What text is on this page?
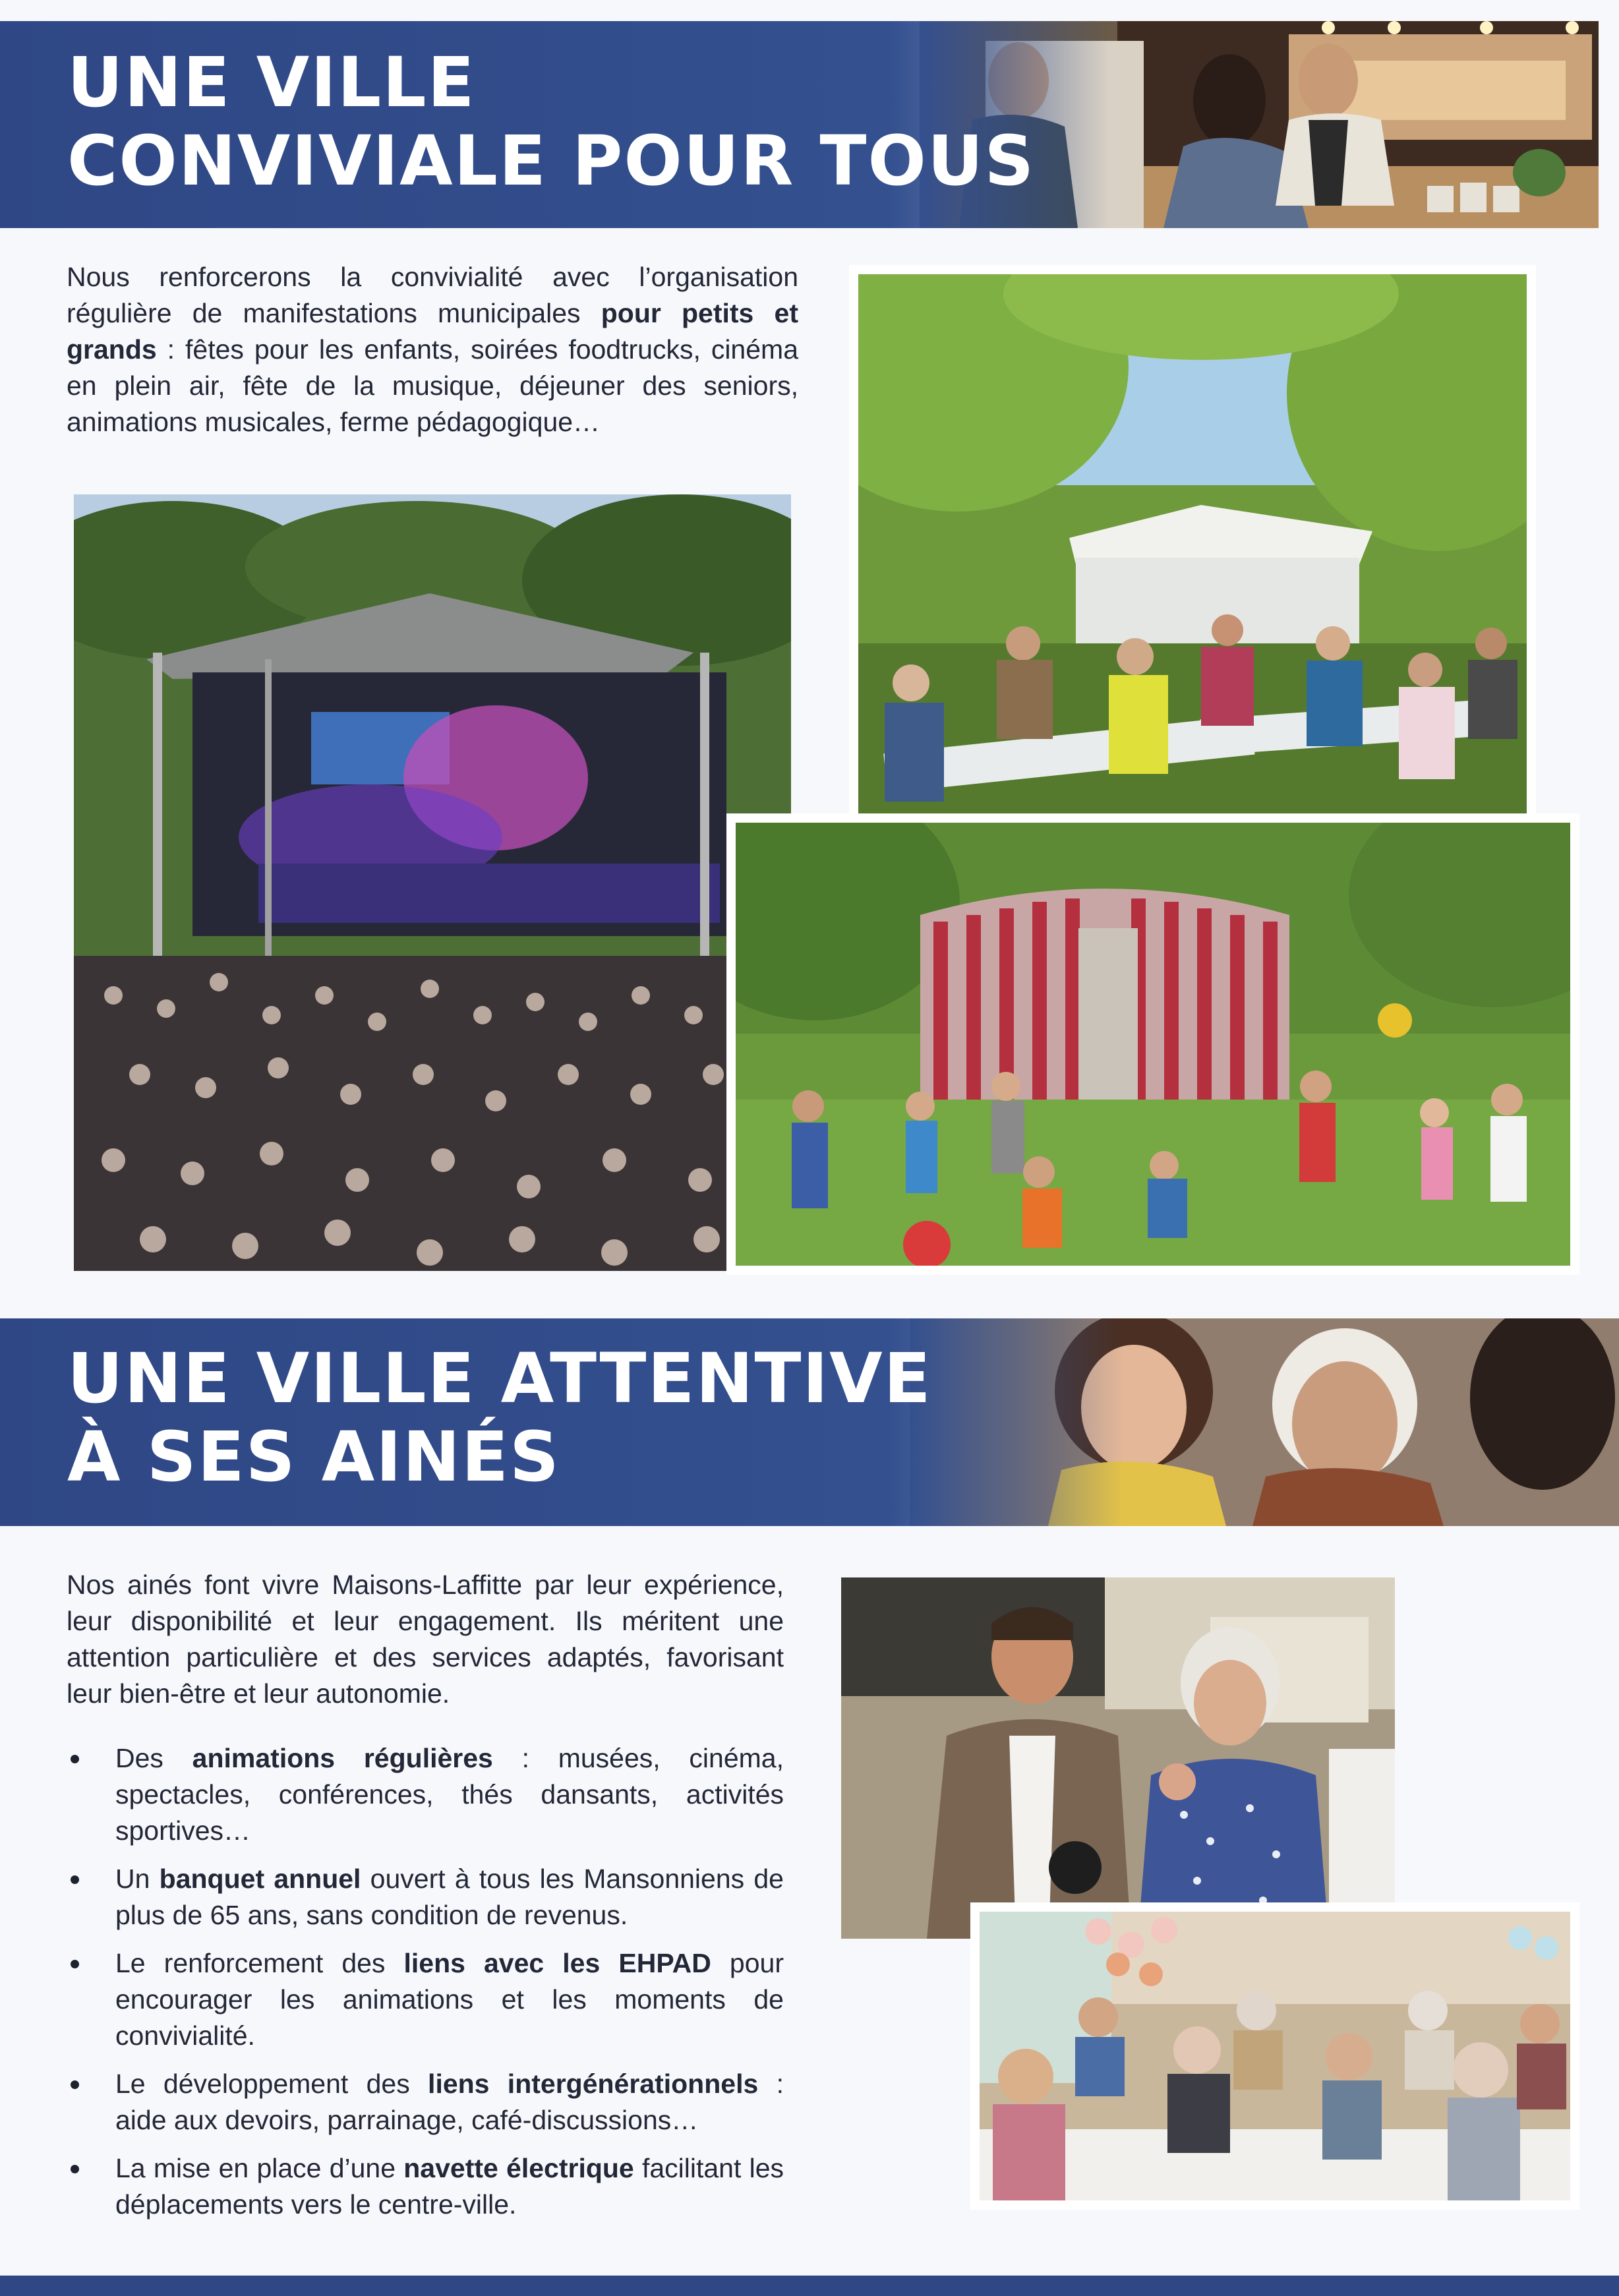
UNE VILLE
CONVIVIALE POUR TOUS

Nous renforcerons la convivialité avec l’organisation régulière de manifestations municipales pour petits et grands : fêtes pour les enfants, soirées foodtrucks, cinéma en plein air, fête de la musique, déjeuner des seniors, animations musicales, ferme pédagogique…

UNE VILLE ATTENTIVE
À SES AINÉS

Nos ainés font vivre Maisons-Laffitte par leur expérience, leur disponibilité et leur engagement. Ils méritent une attention particulière et des services adaptés, favorisant leur bien-être et leur autonomie.

Des animations régulières : musées, cinéma, spectacles, conférences, thés dansants, activités sportives…
Un banquet annuel ouvert à tous les Mansonniens de plus de 65 ans, sans condition de revenus.
Le renforcement des liens avec les EHPAD pour encourager les animations et les moments de convivialité.
Le développement des liens intergénérationnels : aide aux devoirs, parrainage, café-discussions…
La mise en place d’une navette électrique facilitant les déplacements vers le centre-ville.
